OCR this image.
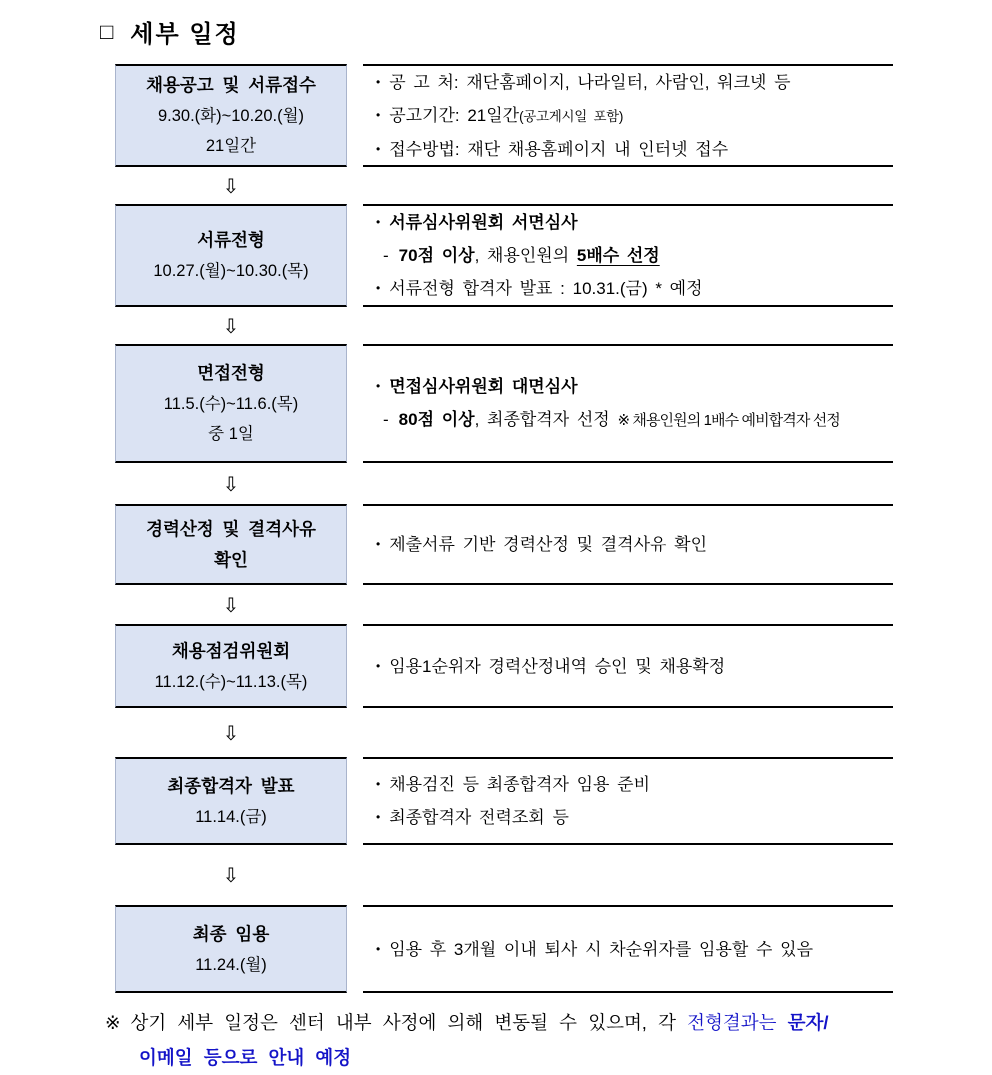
□ 세부 일정
채용공고 및 서류접수
9.30.(화)~10.20.(월)
21일간
• 공 고 처: 재단홈페이지, 나라일터, 사람인, 워크넷 등
• 공고기간: 21일간(공고게시일 포함)
• 접수방법: 재단 채용홈페이지 내 인터넷 접수
⇩
서류전형
10.27.(월)~10.30.(목)
• 서류심사위원회 서면심사
- 70점 이상, 채용인원의 5배수 선정
• 서류전형 합격자 발표 : 10.31.(금) * 예정
⇩
면접전형
11.5.(수)~11.6.(목)
중 1일
• 면접심사위원회 대면심사
- 80점 이상, 최종합격자 선정 ※ 채용인원의 1배수 예비합격자 선정
⇩
경력산정 및 결격사유
확인
• 제출서류 기반 경력산정 및 결격사유 확인
⇩
채용점검위원회
11.12.(수)~11.13.(목)
• 임용1순위자 경력산정내역 승인 및 채용확정
⇩
최종합격자 발표
11.14.(금)
• 채용검진 등 최종합격자 임용 준비
• 최종합격자 전력조회 등
⇩
최종 임용
11.24.(월)
• 임용 후 3개월 이내 퇴사 시 차순위자를 임용할 수 있음
※ 상기 세부 일정은 센터 내부 사정에 의해 변동될 수 있으며, 각 전형결과는 문자/
이메일 등으로 안내 예정
